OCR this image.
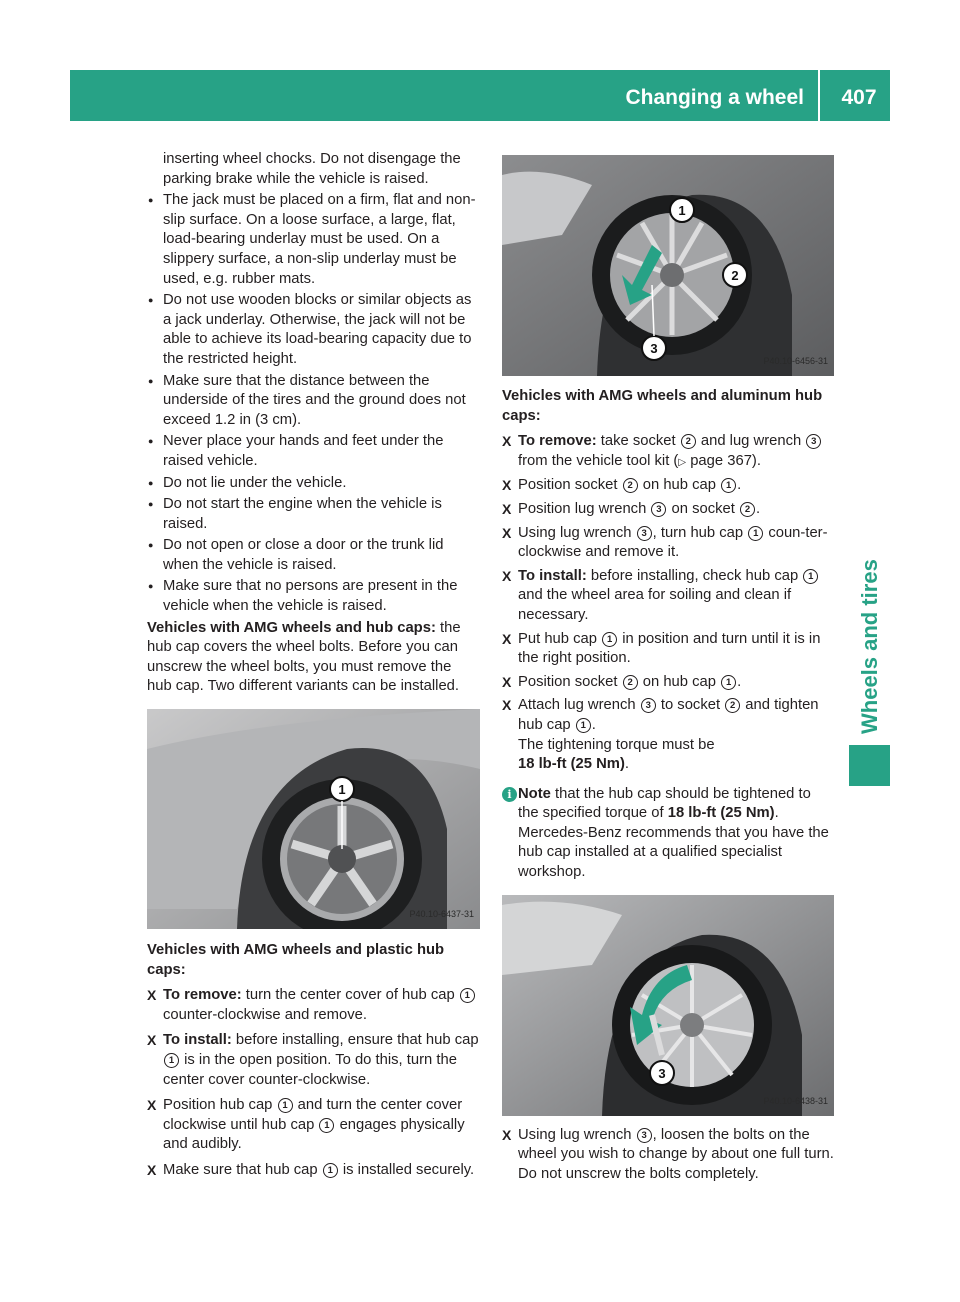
Changing a wheel	407
Wheels and tires

inserting wheel chocks. Do not disengage the parking brake while the vehicle is raised.

● The jack must be placed on a firm, flat and non-slip surface. On a loose surface, a large, flat, load-bearing underlay must be used. On a slippery surface, a non-slip underlay must be used, e.g. rubber mats.
● Do not use wooden blocks or similar objects as a jack underlay. Otherwise, the jack will not be able to achieve its load-bearing capacity due to the restricted height.
● Make sure that the distance between the underside of the tires and the ground does not exceed 1.2 in (3 cm).
● Never place your hands and feet under the raised vehicle.
● Do not lie under the vehicle.
● Do not start the engine when the vehicle is raised.
● Do not open or close a door or the trunk lid when the vehicle is raised.
● Make sure that no persons are present in the vehicle when the vehicle is raised.

Vehicles with AMG wheels and hub caps: the hub cap covers the wheel bolts. Before you can unscrew the wheel bolts, you must remove the hub cap. Two different variants can be installed.

1
P40.10-6437-31
Vehicles with AMG wheels and plastic hub caps:
X To remove: turn the center cover of hub cap 1 counter-clockwise and remove.
X To install: before installing, ensure that hub cap 1 is in the open position. To do this, turn the center cover counter-clockwise.
X Position hub cap 1 and turn the center cover clockwise until hub cap 1 engages physically and audibly.
X Make sure that hub cap 1 is installed securely.
1
2
3
P40.10-6456-31
Vehicles with AMG wheels and aluminum hub caps:
X To remove: take socket 2 and lug wrench 3 from the vehicle tool kit (▷ page 367).
X Position socket 2 on hub cap 1 .
X Position lug wrench 3 on socket 2 .
X Using lug wrench 3 , turn hub cap 1 coun-ter-clockwise and remove it.
X To install: before installing, check hub cap 1 and the wheel area for soiling and clean if necessary.
X Put hub cap 1 in position and turn until it is in the right position.
X Position socket 2 on hub cap 1 .
X Attach lug wrench 3 to socket 2 and tighten hub cap 1 .
The tightening torque must be
18 lb-ft (25 Nm).
i Note that the hub cap should be tightened to the specified torque of 18 lb-ft (25 Nm). Mercedes-Benz recommends that you have the hub cap installed at a qualified specialist workshop.
3
P40.10-6438-31
X Using lug wrench 3 , loosen the bolts on the wheel you wish to change by about one full turn. Do not unscrew the bolts completely.
